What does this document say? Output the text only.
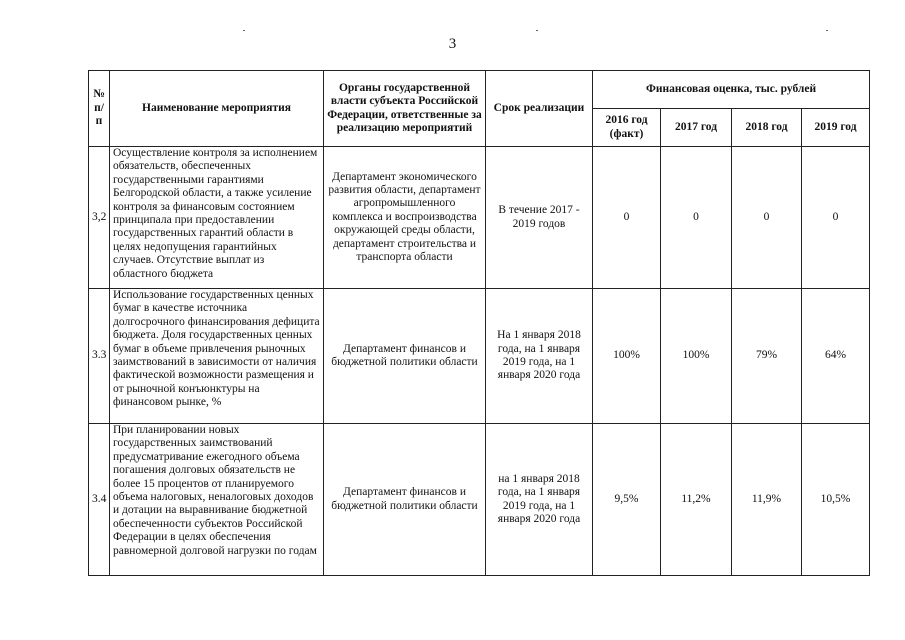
3
№ п/п	Наименование мероприятия	Органы государственной власти субъекта Российской Федерации, ответственные за реализацию мероприятий	Срок реализации	Финансовая оценка, тыс. рублей			
				2016 год (факт)	2017 год	2018 год	2019 год
3,2	Осуществление контроля за исполнением обязательств, обеспеченных государственными гарантиями Белгородской области, а также усиление контроля за финансовым состоянием принципала при предоставлении государственных гарантий области в целях недопущения гарантийных случаев. Отсутствие выплат из областного бюджета	Департамент экономического развития области, департамент агропромышленного комплекса и воспроизводства окружающей среды области, департамент строительства и транспорта области	В течение 2017 - 2019 годов	0	0	0	0
3.3	Использование государственных ценных бумаг в качестве источника долгосрочного финансирования дефицита бюджета. Доля государственных ценных бумаг в объеме привлечения рыночных заимствований в зависимости от наличия фактической возможности размещения и от рыночной конъюнктуры на финансовом рынке, %	Департамент финансов и бюджетной политики области	На 1 января 2018 года, на 1 января 2019 года, на 1 января 2020 года	100%	100%	79%	64%
3.4	При планировании новых государственных заимствований предусматривание ежегодного объема погашения долговых обязательств не более 15 процентов от планируемого объема налоговых, неналоговых доходов и дотации на выравнивание бюджетной обеспеченности субъектов Российской Федерации в целях обеспечения равномерной долговой нагрузки по годам	Департамент финансов и бюджетной политики области	на 1 января 2018 года, на 1 января 2019 года, на 1 января 2020 года	9,5%	11,2%	11,9%	10,5%
